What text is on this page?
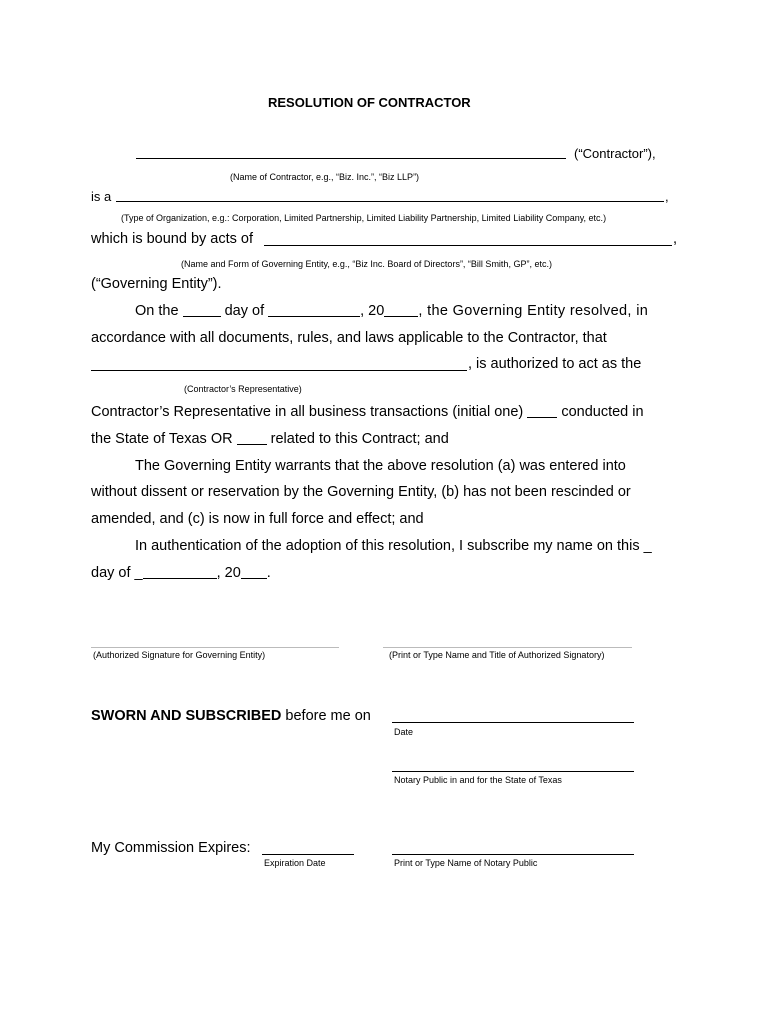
RESOLUTION OF CONTRACTOR
(“Contractor”),
(Name of Contractor, e.g., “Biz. Inc.”, “Biz LLP”)
is a	,
(Type of Organization, e.g.: Corporation, Limited Partnership, Limited Liability Partnership, Limited Liability Company, etc.)
which is bound by acts of	,
(Name and Form of Governing Entity, e.g., “Biz Inc. Board of Directors”, “Bill Smith, GP”, etc.)
(“Governing Entity”).
On the	day of	, 20 , the Governing Entity resolved, in
accordance with all documents, rules, and laws applicable to the Contractor, that
, is authorized to act as the
(Contractor’s Representative)
Contractor’s Representative in all business transactions (initial one)	conducted in
the State of Texas OR	related to this Contract; and
The Governing Entity warrants that the above resolution (a) was entered into
without dissent or reservation by the Governing Entity, (b) has not been rescinded or
amended, and (c) is now in full force and effect; and
In authentication of the adoption of this resolution, I subscribe my name on this _
day of _	, 20 .
(Authorized Signature for Governing Entity)	(Print or Type Name and Title of Authorized Signatory)
SWORN AND SUBSCRIBED before me on
Date
Notary Public in and for the State of Texas
My Commission Expires:
Expiration Date	Print or Type Name of Notary Public
